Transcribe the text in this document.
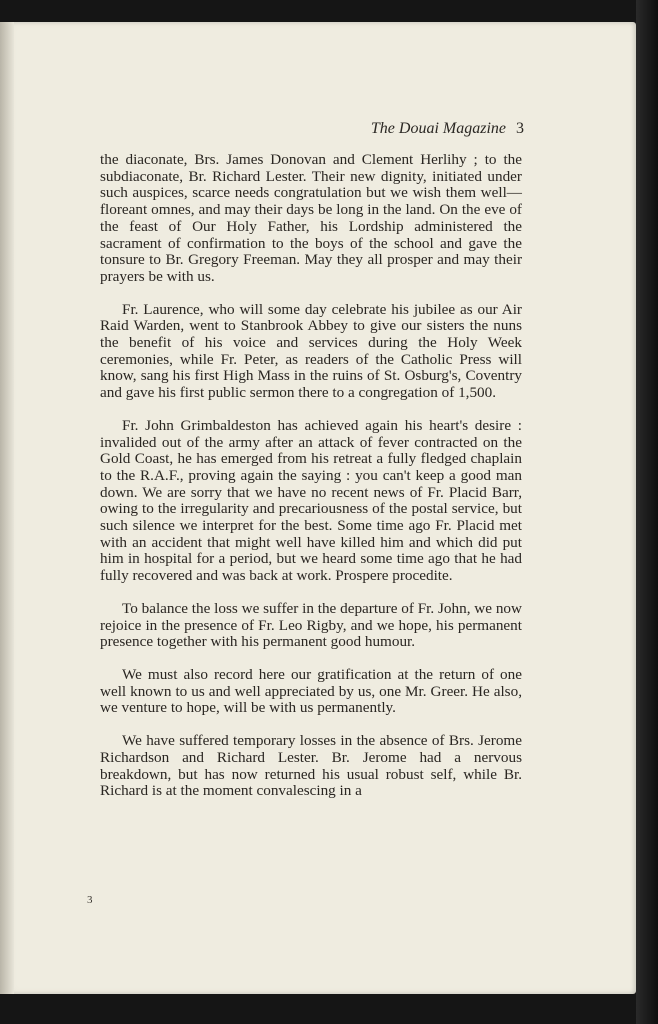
The Douai Magazine 3

the diaconate, Brs. James Donovan and Clement Herlihy ; to the subdiaconate, Br. Richard Lester. Their new dignity, initiated under such auspices, scarce needs congratulation but we wish them well—floreant omnes, and may their days be long in the land. On the eve of the feast of Our Holy Father, his Lordship administered the sacrament of confirmation to the boys of the school and gave the tonsure to Br. Gregory Freeman. May they all prosper and may their prayers be with us.

Fr. Laurence, who will some day celebrate his jubilee as our Air Raid Warden, went to Stanbrook Abbey to give our sisters the nuns the benefit of his voice and services during the Holy Week ceremonies, while Fr. Peter, as readers of the Catholic Press will know, sang his first High Mass in the ruins of St. Osburg's, Coventry and gave his first public sermon there to a congregation of 1,500.

Fr. John Grimbaldeston has achieved again his heart's desire : invalided out of the army after an attack of fever contracted on the Gold Coast, he has emerged from his retreat a fully fledged chaplain to the R.A.F., proving again the saying : you can't keep a good man down. We are sorry that we have no recent news of Fr. Placid Barr, owing to the irregularity and precariousness of the postal service, but such silence we interpret for the best. Some time ago Fr. Placid met with an accident that might well have killed him and which did put him in hospital for a period, but we heard some time ago that he had fully recovered and was back at work. Prospere procedite.

To balance the loss we suffer in the departure of Fr. John, we now rejoice in the presence of Fr. Leo Rigby, and we hope, his permanent presence together with his permanent good humour.

We must also record here our gratification at the return of one well known to us and well appreciated by us, one Mr. Greer. He also, we venture to hope, will be with us permanently.

We have suffered temporary losses in the absence of Brs. Jerome Richardson and Richard Lester. Br. Jerome had a nervous breakdown, but has now returned his usual robust self, while Br. Richard is at the moment convalescing in a

3
